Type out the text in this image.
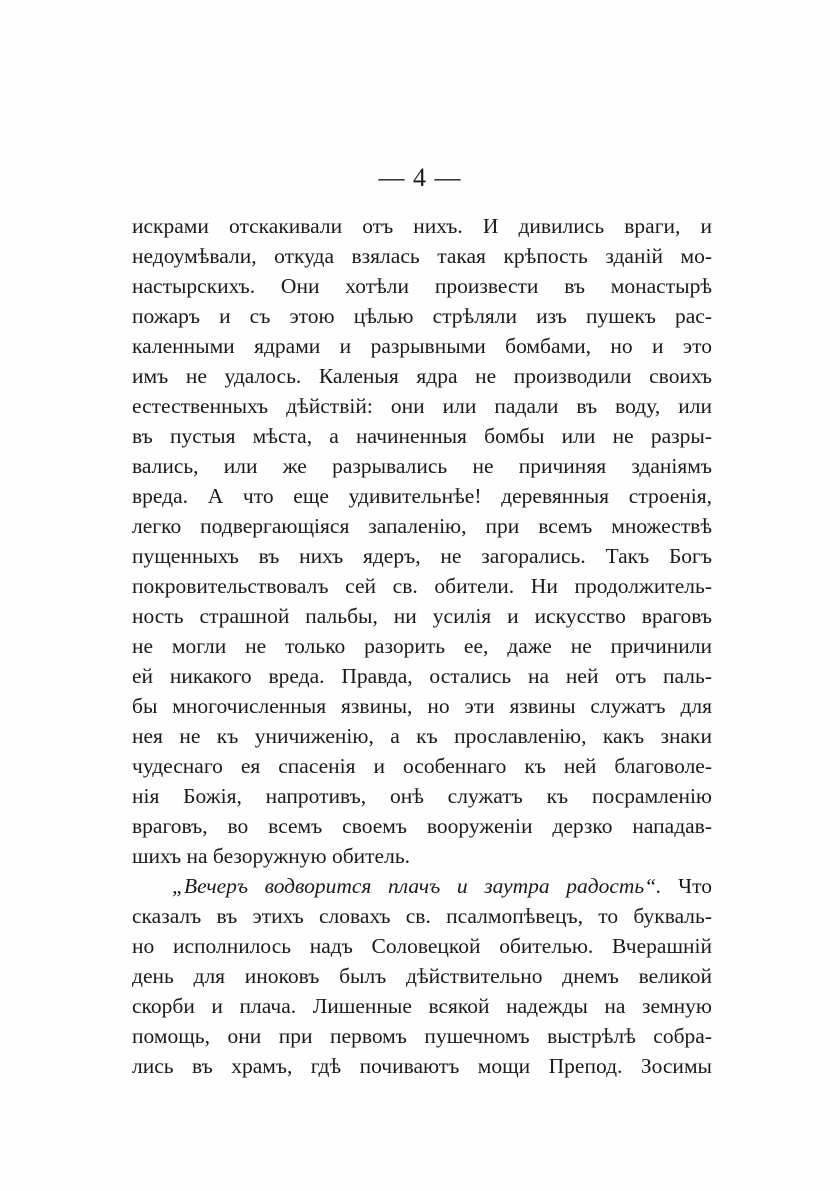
— 4 —
искрами отскакивали отъ нихъ. И дивились враги, и
недоумѣвали, откуда взялась такая крѣпость зданій мо-
настырскихъ. Они хотѣли произвести въ монастырѣ
пожаръ и съ этою цѣлью стрѣляли изъ пушекъ рас-
каленными ядрами и разрывными бомбами, но и это
имъ не удалось. Каленыя ядра не производили своихъ
естественныхъ дѣйствій: они или падали въ воду, или
въ пустыя мѣста, а начиненныя бомбы или не разры-
вались, или же разрывались не причиняя зданіямъ
вреда. А что еще удивительнѣе! деревянныя строенія,
легко подвергающіяся запаленію, при всемъ множествѣ
пущенныхъ въ нихъ ядеръ, не загорались. Такъ Богъ
покровительствовалъ сей св. обители. Ни продолжитель-
ность страшной пальбы, ни усилія и искусство враговъ
не могли не только разорить ее, даже не причинили
ей никакого вреда. Правда, остались на ней отъ паль-
бы многочисленныя язвины, но эти язвины служатъ для
нея не къ уничиженію, а къ прославленію, какъ знаки
чудеснаго ея спасенія и особеннаго къ ней благоволе-
нія Божія, напротивъ, онѣ служатъ къ посрамленію
враговъ, во всемъ своемъ вооруженіи дерзко нападав-
шихъ на безоружную обитель.
„Вечеръ водворится плачъ и заутра радость“. Что
сказалъ въ этихъ словахъ св. псалмопѣвецъ, то букваль-
но исполнилось надъ Соловецкой обителью. Вчерашній
день для иноковъ былъ дѣйствительно днемъ великой
скорби и плача. Лишенные всякой надежды на земную
помощь, они при первомъ пушечномъ выстрѣлѣ собра-
лись въ храмъ, гдѣ почиваютъ мощи Препод. Зосимы
